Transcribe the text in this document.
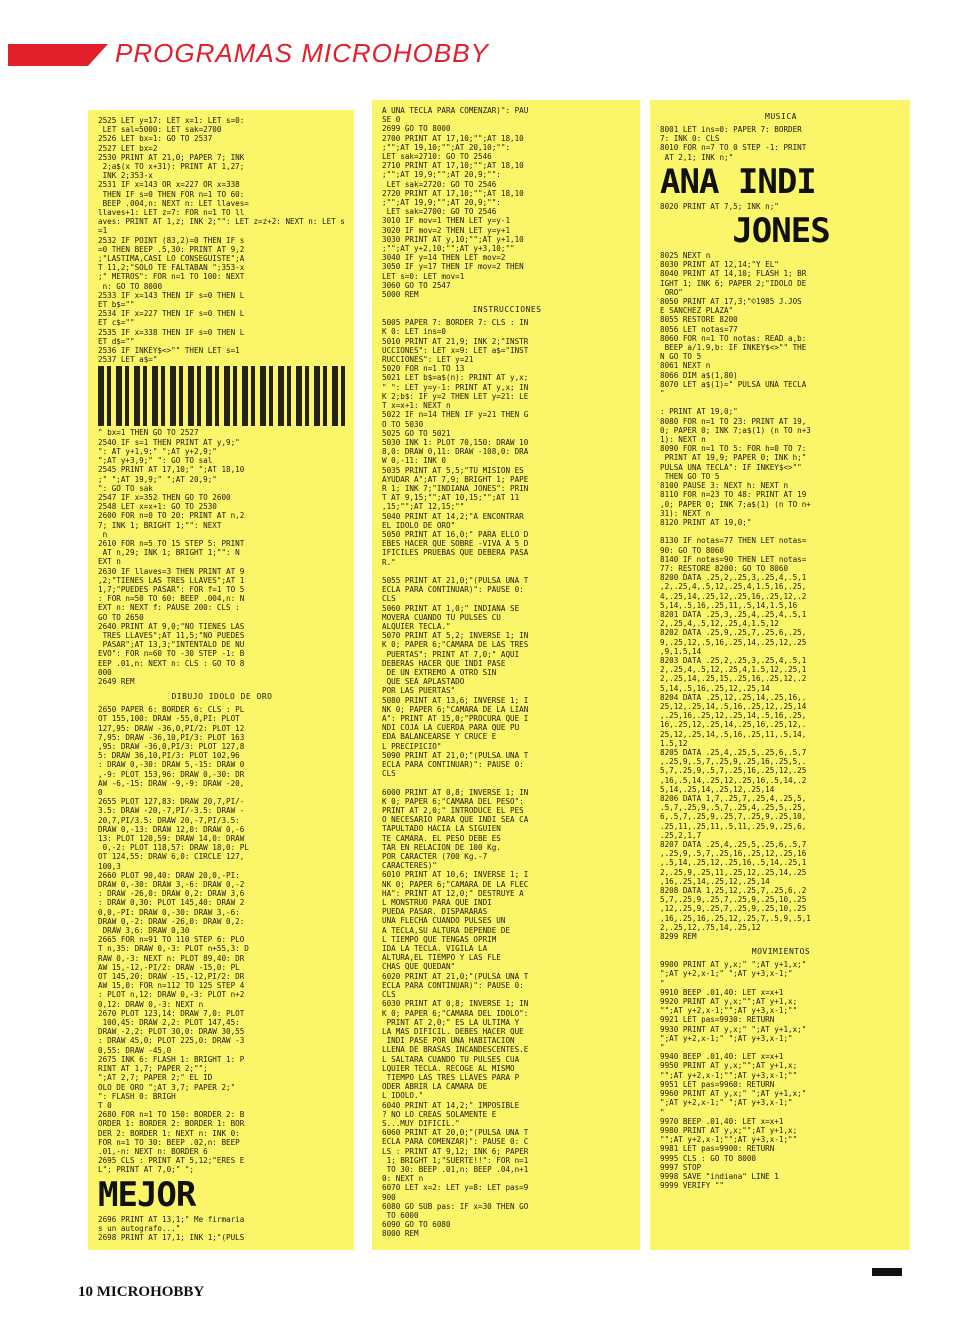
PROGRAMAS MICROHOBBY
2525 LET y=17: LET x=1: LET s=0:
LET sal=5000: LET sak=2700
2526 LET bx=1: GO TO 2537
2527 LET bx=2
2530 PRINT AT 21,0; PAPER 7; INK
2;a$(x TO x+31): PRINT AT 1,27;
INK 2;353-x
2531 IF x=143 OR x=227 OR x=338
THEN IF s=0 THEN FOR n=1 TO 60:
BEEP .004,n: NEXT n: LET llaves=
llaves+1: LET z=7: FOR n=1 TO ll
aves: PRINT AT 1,z; INK 2;"": LET z=z+2: NEXT n: LET s=1
2532 IF POINT (83,2)=0 THEN IF s
=0 THEN BEEP .5,30: PRINT AT 9,2
;"LASTIMA,CASI LO CONSEGUISTE";A
T 11,2;"SOLO TE FALTABAN ";353-x
;" METROS": FOR n=1 TO 100: NEXT
n: GO TO 8000
2533 IF x=143 THEN IF s=0 THEN L
ET b$=""
2534 IF x=227 THEN IF s=0 THEN L
ET c$=""
2535 IF x=338 THEN IF s=0 THEN L
ET d$=""
2536 IF INKEY$<>"" THEN LET s=1
2537 LET a$="
" bx=1 THEN GO TO 2527
2540 IF s=1 THEN PRINT AT y,9;"
": AT y+1,9;" ";AT y+2,9;"
";AT y+3,9;" ": GO TO sal
2545 PRINT AT 17,10;" ";AT 18,10
;" ";AT 19,9;" ";AT 20,9;"
": GO TO sak
2547 IF x=352 THEN GO TO 2600
2548 LET x=x+1: GO TO 2530
2600 FOR n=0 TO 20: PRINT AT n,2
7; INK 1; BRIGHT 1;"": NEXT
n
2610 FOR n=5 TO 15 STEP 5: PRINT
AT n,29; INK 1; BRIGHT 1;"": N
EXT n
2630 IF llaves=3 THEN PRINT AT 9
,2;"TIENES LAS TRES LLAVES";AT 1
1,7;"PUEDES PASAR": FOR f=1 TO 5
: FOR n=50 TO 60: BEEP .004,n: N
EXT n: NEXT f: PAUSE 200: CLS :
GO TO 2650
2640 PRINT AT 9,0;"NO TIENES LAS
TRES LLAVES";AT 11,5;"NO PUEDES
PASAR";AT 13,3;"INTENTALO DE NU
EVO": FOR n=60 TO -30 STEP -1: B
EEP .01,n: NEXT n: CLS : GO TO 8
000
2649 REM
DIBUJO IDOLO DE ORO
2650 PAPER 6: BORDER 6: CLS : PL
OT 155,100: DRAW -55,0,PI: PLOT
127,95: DRAW -36,0,PI/2: PLOT 12
7,95: DRAW -36,10,PI/3: PLOT 163
,95: DRAW -36,0,PI/3: PLOT 127,8
5: DRAW 36,10,PI/3: PLOT 102,96
: DRAW 0,-30: DRAW 5,-15: DRAW 0
,-9: PLOT 153,96: DRAW 0,-30: DR
AW -6,-15: DRAW -9,-9: DRAW -20,
0
2655 PLOT 127,83: DRAW 20,7,PI/-
3.5: DRAW -20,-7,PI/-3.5: DRAW -
20,7,PI/3.5: DRAW 20,-7,PI/3.5:
DRAW 0,-13: DRAW 12,0: DRAW 0,-6
13: PLOT 120,59: DRAW 14,0: DRAW
0,-2: PLOT 118,57: DRAW 18,0: PL
OT 124,55: DRAW 6,0: CIRCLE 127,
100,3
2660 PLOT 90,40: DRAW 20,0,-PI:
DRAW 0,-30: DRAW 3,-6: DRAW 0,-2
: DRAW -26,0: DRAW 0,2: DRAW 3,6
: DRAW 0,30: PLOT 145,40: DRAW 2
0,0,-PI: DRAW 0,-30: DRAW 3,-6:
DRAW 0,-2: DRAW -26,0: DRAW 0,2:
DRAW 3,6: DRAW 0,30
2665 FOR n=91 TO 110 STEP 6: PLO
T n,35: DRAW 0,-3: PLOT n+55,3: D
RAW 0,-3: NEXT n: PLOT 89,40: DR
AW 15,-12,-PI/2: DRAW -15,0: PL
OT 145,20: DRAW -15,-12,PI/2: DR
AW 15,0: FOR n=112 TO 125 STEP 4
: PLOT n,12: DRAW 0,-3: PLOT n+2
0,12: DRAW 0,-3: NEXT n
2670 PLOT 123,14: DRAW 7,0: PLOT
100,45: DRAW 2,2: PLOT 147,45:
DRAW -2,2: PLOT 30,0: DRAW 30,55
: DRAW 45,0: PLOT 225,0: DRAW -3
0,55: DRAW -45,0
2675 INK 6: FLASH 1: BRIGHT 1: P
RINT AT 1,7; PAPER 2;"";
";AT 2,7; PAPER 2;" EL ID
OLO DE ORO ";AT 3,7; PAPER 2;"
": FLASH 0: BRIGH
T 0
2680 FOR n=1 TO 150: BORDER 2: B
ORDER 1: BORDER 2: BORDER 1: BOR
DER 2: BORDER 1: NEXT n: INK 0:
FOR n=1 TO 30: BEEP .02,n: BEEP
.01,-n: NEXT n: BORDER 6
2695 CLS : PRINT AT 5,12;"ERES E
L"; PRINT AT 7,0;" ";
MEJOR
2696 PRINT AT 13,1;" Me firmaria
s un autografo..."
2698 PRINT AT 17,1; INK 1;"(PULS
A UNA TECLA PARA COMENZAR)": PAU
SE 0
2699 GO TO 8000
2700 PRINT AT 17,10;"";AT 18,10
;"";AT 19,10;"";AT 20,10;"":
LET sak=2710: GO TO 2546
2710 PRINT AT 17,10;"";AT 18,10
;"";AT 19,9;"";AT 20,9;"":
LET sak=2720: GO TO 2546
2720 PRINT AT 17,10;"";AT 18,10
;"";AT 19,9;"";AT 20,9;"":
LET sak=2700: GO TO 2546
3010 IF mov=1 THEN LET y=y-1
3020 IF mov=2 THEN LET y=y+1
3030 PRINT AT y,10;"";AT y+1,10
;"";AT y+2,10;"";AT y+3,10;""
3040 IF y=14 THEN LET mov=2
3050 IF y=17 THEN IF mov=2 THEN
LET s=0: LET mov=1
3060 GO TO 2547
5000 REM
INSTRUCCIONES
5005 PAPER 7: BORDER 7: CLS : IN
K 0: LET ins=0
5010 PRINT AT 21,9; INK 2;"INSTR
UCCIONES": LET x=9: LET a$="INST
RUCCIONES": LET y=21
5020 FOR n=1 TO 13
5021 LET b$=a$(n): PRINT AT y,x;
" ": LET y=y-1: PRINT AT y,x; IN
K 2;b$: IF y=2 THEN LET y=21: LE
T x=x+1: NEXT n
5022 IF n=14 THEN IF y=21 THEN G
O TO 5030
5025 GO TO 5021
5030 INK 1: PLOT 70,150: DRAW 10
8,0: DRAW 0,11: DRAW -108,0: DRA
W 0,-11: INK 0
5035 PRINT AT 5,5;"TU MISION ES
AYUDAR A";AT 7,9; BRIGHT 1; PAPE
R 1; INK 7;"INDIANA JONES": PRIN
T AT 9,15;"";AT 10,15;"";AT 11
,15;"";AT 12,15;""
5040 PRINT AT 14,2;"A ENCONTRAR
EL IDOLO DE ORO"
5050 PRINT AT 16,0;" PARA ELLO D
EBES HACER QUE SOBRE -VIVA A 5 D
IFICILES PRUEBAS QUE DEBERA PASA
R."

5055 PRINT AT 21,0;"(PULSA UNA T
ECLA PARA CONTINUAR)": PAUSE 0:
CLS
5060 PRINT AT 1,0;" INDIANA SE
MOVERA CUANDO TU PULSES CU
ALQUIER TECLA."
5070 PRINT AT 5,2; INVERSE 1; IN
K 0; PAPER 6;"CAMARA DE LAS TRES
PUERTAS": PRINT AT 7,0;" AQUI
DEBERAS HACER QUE INDI PASE
DE UN EXTREMO A OTRO SIN
QUE SEA APLASTADO
POR LAS PUERTAS"
5080 PRINT AT 13,6; INVERSE 1; I
NK 0; PAPER 6;"CAMARA DE LA LIAN
A": PRINT AT 15,0;"PROCURA QUE I
NDI COJA LA CUERDA PARA QUE PU
EDA BALANCEARSE Y CRUCE E
L PRECIPICIO"
5090 PRINT AT 21,0;"(PULSA UNA T
ECLA PARA CONTINUAR)": PAUSE 0:
CLS

6000 PRINT AT 0,8; INVERSE 1; IN
K 0; PAPER 6;"CAMARA DEL PESO":
PRINT AT 2,0;" INTRODUCE EL PES
O NECESARIO PARA QUE INDI SEA CA
TAPULTADO HACIA LA SIGUIEN
TE CAMARA. EL PESO DEBE ES
TAR EN RELACION DE 100 Kg.
POR CARACTER (700 Kg.-7
CARACTERES)"
6010 PRINT AT 10,6; INVERSE 1; I
NK 0; PAPER 6;"CAMARA DE LA FLEC
HA": PRINT AT 12,0;" DESTRUYE A
L MONSTRUO PARA QUE INDI
PUEDA PASAR. DISPARARAS
UNA FLECHA CUANDO PULSES UN
A TECLA,SU ALTURA DEPENDE DE
L TIEMPO QUE TENGAS OPRIM
IDA LA TECLA. VIGILA LA
ALTURA,EL TIEMPO Y LAS FLE
CHAS QUE QUEDAN"
6020 PRINT AT 21,0;"(PULSA UNA T
ECLA PARA CONTINUAR)": PAUSE 0:
CLS
6030 PRINT AT 0,8; INVERSE 1; IN
K 0; PAPER 6;"CAMARA DEL IDOLO":
PRINT AT 2,0;" ES LA ULTIMA Y
LA MAS DIFICIL. DEBES HACER QUE
INDI PASE POR UNA HABITACION
LLENA DE BRASAS INCANDESCENTES.E
L SALTARA CUANDO TU PULSES CUA
LQUIER TECLA. RECOGE AL MISMO
TIEMPO LAS TRES LLAVES PARA P
ODER ABRIR LA CAMARA DE
L IDOLO."
6040 PRINT AT 14,2;" IMPOSIBLE
? NO LO CREAS SOLAMENTE E
S...MUY DIFICIL."
6060 PRINT AT 20,0;"(PULSA UNA T
ECLA PARA COMENZAR)": PAUSE 0: C
LS : PRINT AT 9,12; INK 6; PAPER
1; BRIGHT 1;"SUERTE!!": FOR n=1
TO 30: BEEP .01,n: BEEP .04,n+1
0: NEXT n
6070 LET x=2: LET y=8: LET pas=9
900
6080 GO SUB pas: IF x=30 THEN GO
TO 6000
6090 GO TO 6080
8000 REM
MUSICA
8001 LET ins=0: PAPER 7: BORDER
7: INK 0: CLS
8010 FOR n=7 TO 0 STEP -1: PRINT
AT 2,1; INK n;"
ANA INDI
8020 PRINT AT 7,5; INK n;"
JONES
8025 NEXT n
8030 PRINT AT 12,14;"Y EL"
8040 PRINT AT 14,10; FLASH 1; BR
IGHT 1; INK 6; PAPER 2;"IDOLO DE
ORO"
8050 PRINT AT 17,3;"©1985 J.JOS
E SANCHEZ PLAZA"
8055 RESTORE 8200
8056 LET notas=77
8060 FOR n=1 TO notas: READ a,b:
BEEP a/1.9,b: IF INKEY$<>"" THE
N GO TO 5
8061 NEXT n
8066 DIM a$(1,80)
8070 LET a$(1)=" PULSA UNA TECLA
"

: PRINT AT 19,0;"
8080 FOR n=1 TO 23: PRINT AT 19,
0; PAPER 0; INK 7;a$(1) (n TO n+3
1): NEXT n
8090 FOR n=1 TO 5: FOR h=0 TO 7:
PRINT AT 19,9; PAPER 0; INK h;"
PULSA UNA TECLA": IF INKEY$<>""
THEN GO TO 5
8100 PAUSE 3: NEXT h: NEXT n
8110 FOR n=23 TO 48: PRINT AT 19
,0; PAPER 0; INK 7;a$(1) (n TO n+
31): NEXT n
8120 PRINT AT 19,0;"

8130 IF notas=77 THEN LET notas=
90: GO TO 8060
8140 IF notas=90 THEN LET notas=
77: RESTORE 8200: GO TO 8060
8200 DATA .25,2,.25,3,.25,4,.5,1
,2,.25,4,.5,12,.25,4,1.5,16,.25,
4,.25,14,.25,12,.25,16,.25,12,.2
5,14,.5,16,.25,11,.5,14,1.5,16
8201 DATA .25,3,.25,4,.25,4,.5,1
2,.25,4,.5,12,.25,4,1.5,12
8202 DATA .25,9,.25,7,.25,6,.25,
9,.25,12,.5,16,.25,14,.25,12,.25
,9,1.5,14
8203 DATA .25,2,.25,3,.25,4,.5,1
2,.25,4,.5,12,.25,4,1.5,12,.25,1
2,.25,14,.25,15,.25,16,.25,12,.2
5,14,.5,16,.25,12,.25,14
8204 DATA .25,12,.25,14,.25,16,.
25,12,.25,14,.5,16,.25,12,.25,14
,.25,16,.25,12,.25,14,.5,16,.25,
16,.25,12,.25,14,.25,16,.25,12,.
25,12,.25,14,.5,16,.25,11,.5,14,
1.5,12
8205 DATA .25,4,.25,5,.25,6,.5,7
,.25,9,.5,7,.25,9,.25,16,.25,5,.
5,7,.25,9,.5,7,.25,16,.25,12,.25
,16,.5,14,.25,12,.25,16,.5,14,.2
5,14,.25,14,.25,12,.25,14
8206 DATA 1,7,.25,7,.25,4,.25,5,
.5,7,.25,9,.5,7,.25,4,.25,5,.25,
6,.5,7,.25,9,.25,7,.25,9,.25,10,
.25,11,.25,11,.5,11,.25,9,.25,6,
.25,2,1,7
8207 DATA .25,4,.25,5,.25,6,.5,7
,.25,9,.5,7,.25,16,.25,12,.25,16
,.5,14,.25,12,.25,16,.5,14,.25,1
2,.25,9,.25,11,.25,12,.25,14,.25
,16,.25,14,.25,12,.25,14
8208 DATA 1,25,12,.25,7,.25,6,.2
5,7,.25,9,.25,7,.25,9,.25,10,.25
,12,.25,9,.25,7,.25,9,.25,10,.25
,16,.25,16,.25,12,.25,7,.5,9,.5,1
2,.25,12,.75,14,.25,12
8299 REM
MOVIMIENTOS
9900 PRINT AT y,x;" ";AT y+1,x;"
";AT y+2,x-1;" ";AT y+3,x-1;"
"
9910 BEEP .01,40: LET x=x+1
9920 PRINT AT y,x;"";AT y+1,x;
"";AT y+2,x-1;"";AT y+3,x-1;""
9921 LET pas=9930: RETURN
9930 PRINT AT y,x;" ";AT y+1,x;"
";AT y+2,x-1;" ";AT y+3,x-1;"
"
9940 BEEP .01,40: LET x=x+1
9950 PRINT AT y,x;"";AT y+1,x;
"";AT y+2,x-1;"";AT y+3,x-1;""
9951 LET pas=9960: RETURN
9960 PRINT AT y,x;" ";AT y+1,x;"
";AT y+2,x-1;" ";AT y+3,x-1;"
"
9970 BEEP .01,40: LET x=x+1
9980 PRINT AT y,x;"";AT y+1,x;
"";AT y+2,x-1;"";AT y+3,x-1;""
9981 LET pas=9900: RETURN
9995 CLS : GO TO 8000
9997 STOP
9998 SAVE "indiana" LINE 1
9999 VERIFY ""
10 MICROHOBBY
